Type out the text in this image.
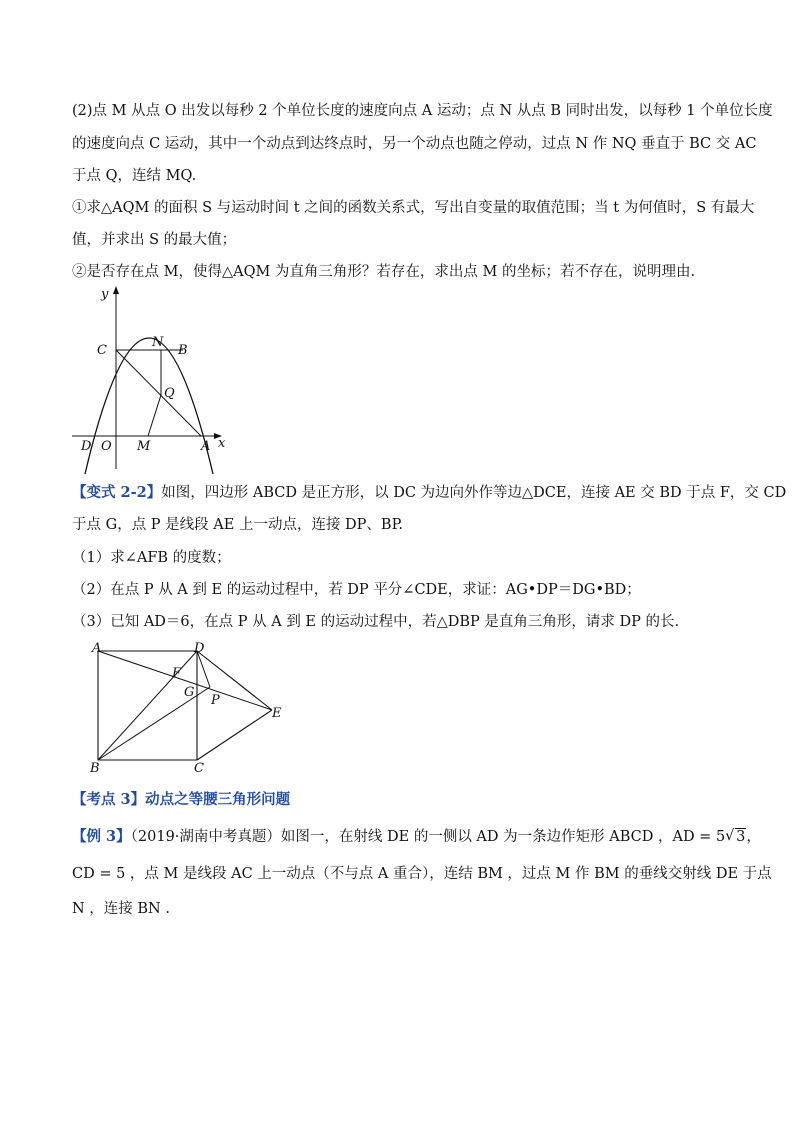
(2)点 M 从点 O 出发以每秒 2 个单位长度的速度向点 A 运动；点 N 从点 B 同时出发，以每秒 1 个单位长度
的速度向点 C 运动，其中一个动点到达终点时，另一个动点也随之停动，过点 N 作 NQ 垂直于 BC 交 AC
于点 Q，连结 MQ.
①求△AQM 的面积 S 与运动时间 t 之间的函数关系式，写出自变量的取值范围；当 t 为何值时，S 有最大
值，并求出 S 的最大值；
②是否存在点 M，使得△AQM 为直角三角形？若存在，求出点 M 的坐标；若不存在，说明理由.
y
x
C
N
B
Q
D O M	A
【变式 2-2】如图，四边形 ABCD 是正方形，以 DC 为边向外作等边△DCE，连接 AE 交 BD 于点 F，交 CD
于点 G，点 P 是线段 AE 上一动点，连接 DP、BP.
（1）求∠AFB 的度数；
（2）在点 P 从 A 到 E 的运动过程中，若 DP 平分∠CDE，求证：AG•DP＝DG•BD；
（3）已知 AD＝6，在点 P 从 A 到 E 的运动过程中，若△DBP 是直角三角形，请求 DP 的长.
A	D
F
G
P
E
B	C
【考点 3】动点之等腰三角形问题
【例 3】（2019·湖南中考真题）如图一，在射线 DE 的一侧以 AD 为一条边作矩形 ABCD ，AD = 5 √ 3，
CD = 5 ，点 M 是线段 AC 上一动点（不与点 A 重合），连结 BM ，过点 M 作 BM 的垂线交射线 DE 于点
N ，连接 BN .
